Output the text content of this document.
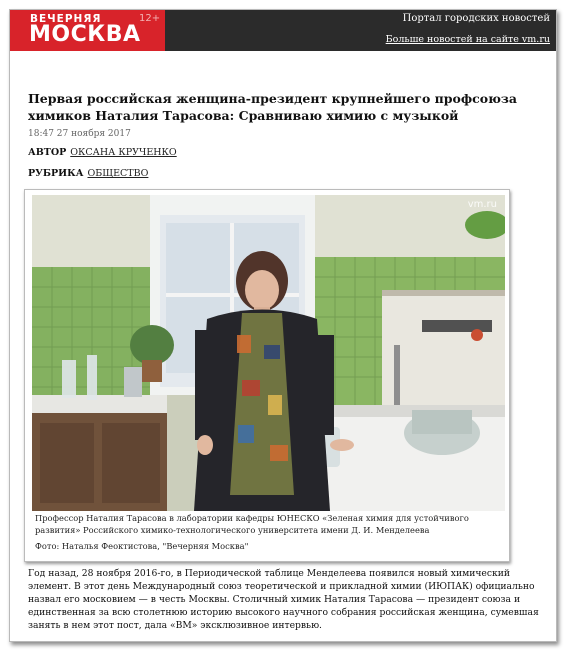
ВЕЧЕРНЯЯ
МОСКВА
12+	Портал городских новостей
Больше новостей на сайте vm.ru
Первая российская женщина-президент крупнейшего профсоюза химиков Наталия Тарасова: Сравниваю химию с музыкой
18:47 27 ноября 2017
АВТОР ОКСАНА КРУЧЕНКО
РУБРИКА ОБЩЕСТВО
vm.ru
Профессор Наталия Тарасова в лаборатории кафедры ЮНЕСКО «Зеленая химия для устойчивого развития» Российского химико-технологического университета имени Д. И. Менделеева
Фото: Наталья Феоктистова, "Вечерняя Москва"

Год назад, 28 ноября 2016-го, в Периодической таблице Менделеева появился новый химический элемент. В этот день Международный союз теоретической и прикладной химии (ИЮПАК) официально назвал его московием — в честь Москвы. Столичный химик Наталия Тарасова — президент союза и единственная за всю столетнюю историю высокого научного собрания российская женщина, сумевшая занять в нем этот пост, дала «ВМ» эксклюзивное интервью.
